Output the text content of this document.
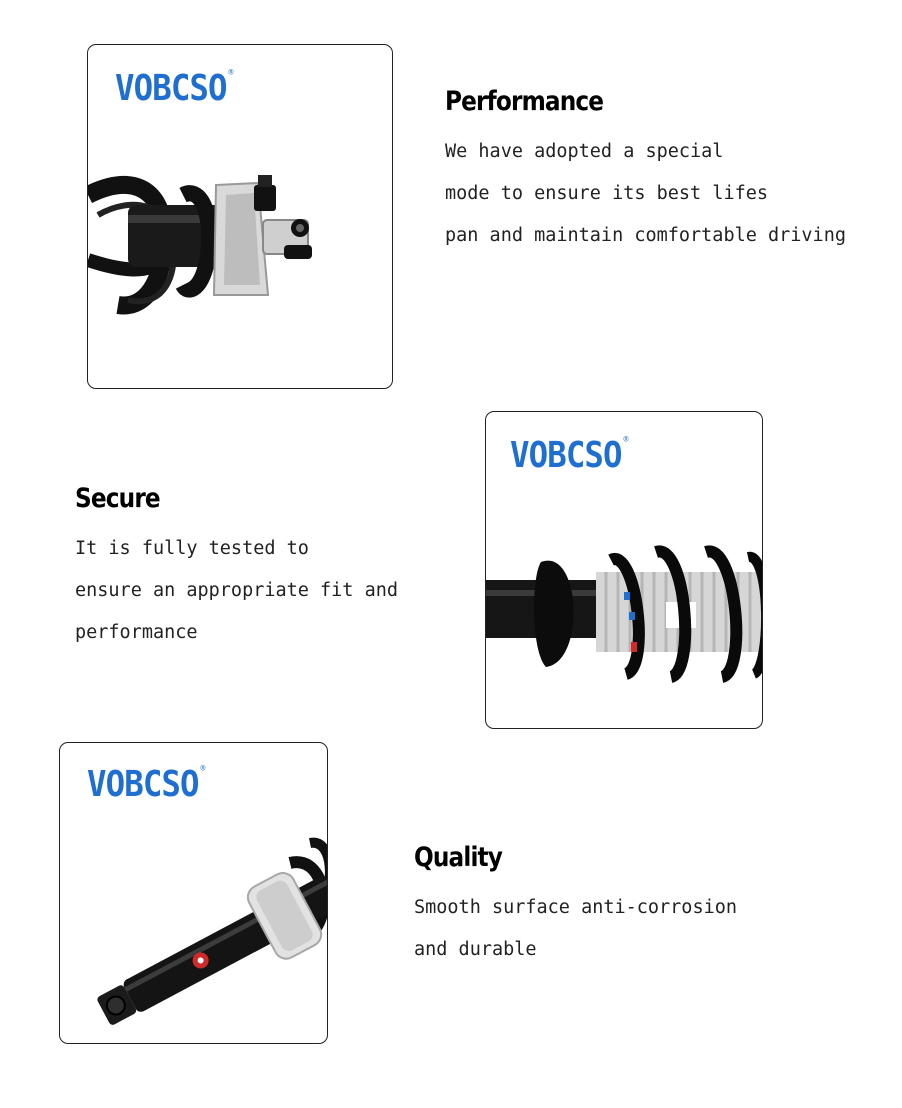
VOBCSO ®
Performance
We have adopted a special
mode to ensure its best lifes
pan and maintain comfortable driving
VOBCSO ®
Secure
It is fully tested to
ensure an appropriate fit and
performance
VOBCSO ®
Quality
Smooth surface anti-corrosion
and durable
